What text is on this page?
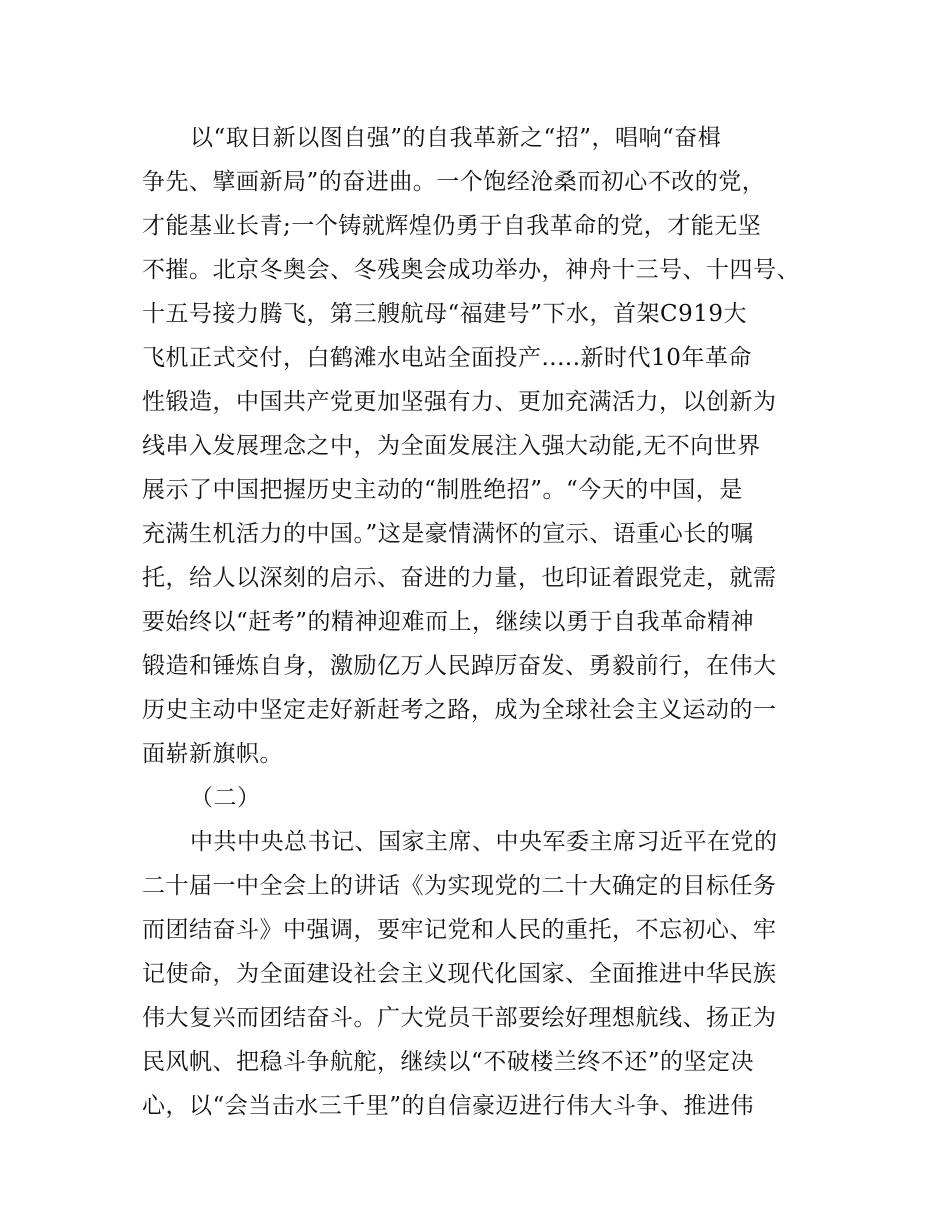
以“取日新以图自强”的自我革新之“招”，唱响“奋楫
争先、擘画新局”的奋进曲。一个饱经沧桑而初心不改的党，
才能基业长青;一个铸就辉煌仍勇于自我革命的党，才能无坚
不摧。北京冬奥会、冬残奥会成功举办，神舟十三号、十四号、
十五号接力腾飞，第三艘航母“福建号”下水，首架C919大
飞机正式交付，白鹤滩水电站全面投产.....新时代10年革命
性锻造，中国共产党更加坚强有力、更加充满活力，以创新为
线串入发展理念之中，为全面发展注入强大动能,无不向世界
展示了中国把握历史主动的“制胜绝招”。“今天的中国，是
充满生机活力的中国。”这是豪情满怀的宣示、语重心长的嘱
托，给人以深刻的启示、奋进的力量，也印证着跟党走，就需
要始终以“赶考”的精神迎难而上，继续以勇于自我革命精神
锻造和锤炼自身，激励亿万人民踔厉奋发、勇毅前行，在伟大
历史主动中坚定走好新赶考之路，成为全球社会主义运动的一
面崭新旗帜。
（二）
中共中央总书记、国家主席、中央军委主席习近平在党的
二十届一中全会上的讲话《为实现党的二十大确定的目标任务
而团结奋斗》中强调，要牢记党和人民的重托，不忘初心、牢
记使命，为全面建设社会主义现代化国家、全面推进中华民族
伟大复兴而团结奋斗。广大党员干部要绘好理想航线、扬正为
民风帆、把稳斗争航舵，继续以“不破楼兰终不还”的坚定决
心，以“会当击水三千里”的自信豪迈进行伟大斗争、推进伟
